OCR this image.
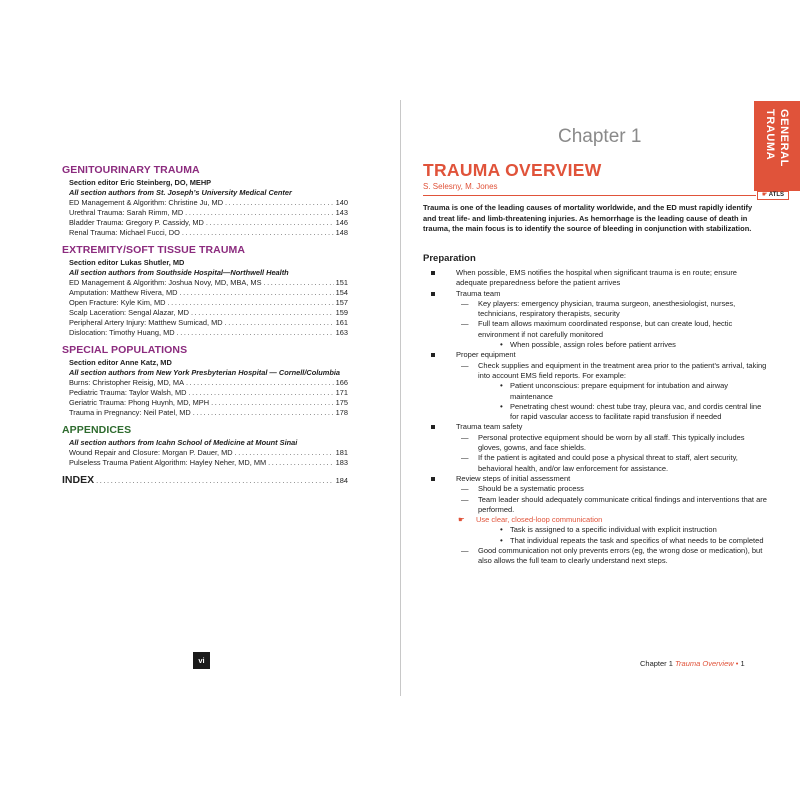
GENITOURINARY TRAUMA
Section editor Eric Steinberg, DO, MEHP
All section authors from St. Joseph’s University Medical Center
ED Management & Algorithm: Christine Ju, MD .....	140
Urethral Trauma: Sarah Rimm, MD .....	143
Bladder Trauma: Gregory P. Cassidy, MD .....	146
Renal Trauma: Michael Fucci, DO .....	148
EXTREMITY/SOFT TISSUE TRAUMA
Section editor Lukas Shutler, MD
All section authors from Southside Hospital—Northwell Health
ED Management & Algorithm: Joshua Novy, MD, MBA, MS .....	151
Amputation: Matthew Rivera, MD .....	154
Open Fracture: Kyle Kim, MD .....	157
Scalp Laceration: Sengal Alazar, MD .....	159
Peripheral Artery Injury: Matthew Sumicad, MD .....	161
Dislocation: Timothy Huang, MD .....	163
SPECIAL POPULATIONS
Section editor Anne Katz, MD
All section authors from New York Presbyterian Hospital — Cornell/Columbia
Burns: Christopher Reisig, MD, MA .....	166
Pediatric Trauma: Taylor Walsh, MD .....	171
Geriatric Trauma: Phong Huynh, MD, MPH .....	175
Trauma in Pregnancy: Neil Patel, MD .....	178
APPENDICES
All section authors from Icahn School of Medicine at Mount Sinai
Wound Repair and Closure: Morgan P. Dauer, MD .....	181
Pulseless Trauma Patient Algorithm: Hayley Neher, MD, MM .....	183
INDEX .....	184
vi
GENERAL TRAUMA
Chapter 1
TRAUMA OVERVIEW
S. Selesny, M. Jones
☛ ATLS
Trauma is one of the leading causes of mortality worldwide, and the ED must rapidly identify and treat life- and limb-threatening injuries. As hemorrhage is the leading cause of death in trauma, the main focus is to identify the source of bleeding in conjunction with stabilization.
Preparation
When possible, EMS notifies the hospital when significant trauma is en route; ensure adequate preparedness before the patient arrives
Trauma team
— Key players: emergency physician, trauma surgeon, anesthesiologist, nurses, technicians, respiratory therapists, security
— Full team allows maximum coordinated response, but can create loud, hectic environment if not carefully monitored
• When possible, assign roles before patient arrives
Proper equipment
— Check supplies and equipment in the treatment area prior to the patient’s arrival, taking into account EMS field reports. For example:
• Patient unconscious: prepare equipment for intubation and airway maintenance
• Penetrating chest wound: chest tube tray, pleura vac, and cordis central line for rapid vascular access to facilitate rapid transfusion if needed
Trauma team safety
— Personal protective equipment should be worn by all staff. This typically includes gloves, gowns, and face shields.
— If the patient is agitated and could pose a physical threat to staff, alert security, behavioral health, and/or law enforcement for assistance.
Review steps of initial assessment
— Should be a systematic process
— Team leader should adequately communicate critical findings and interventions that are performed.
☛ Use clear, closed-loop communication
• Task is assigned to a specific individual with explicit instruction
• That individual repeats the task and specifics of what needs to be completed
— Good communication not only prevents errors (eg, the wrong dose or medication), but also allows the full team to clearly understand next steps.
Chapter 1 Trauma Overview • 1
